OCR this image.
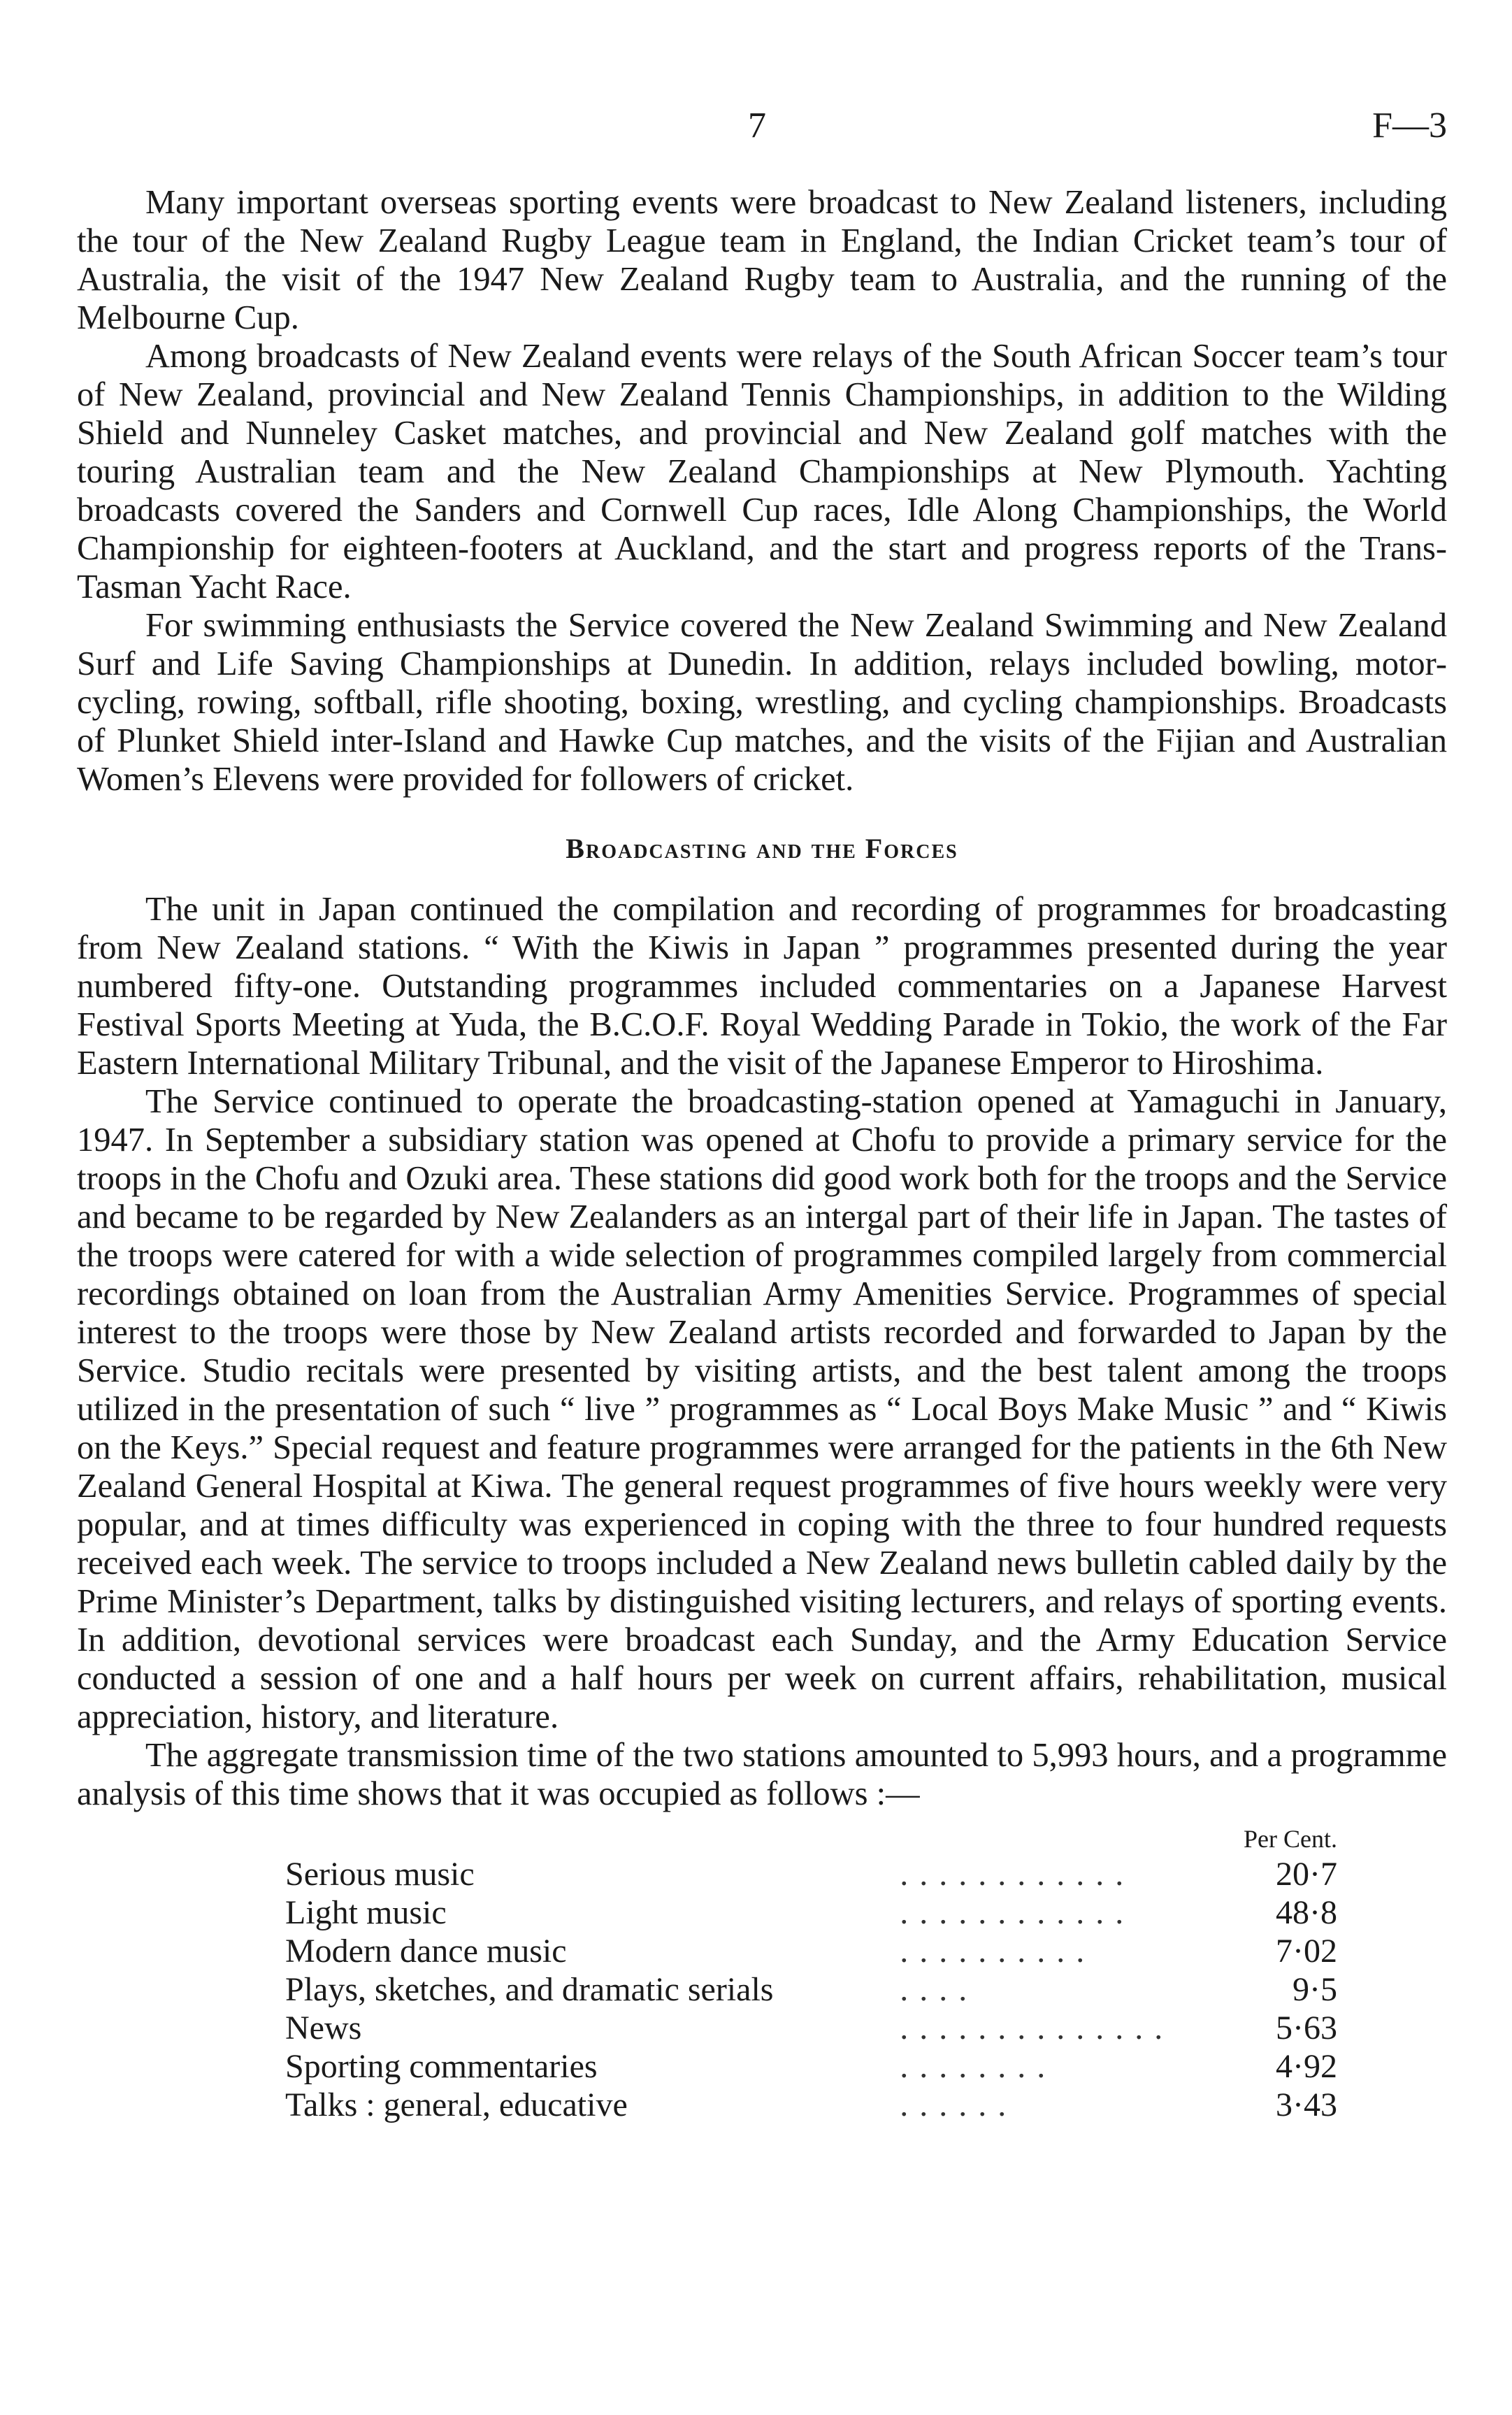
7	F—3

Many important overseas sporting events were broadcast to New Zealand listeners, including the tour of the New Zealand Rugby League team in England, the Indian Cricket team’s tour of Australia, the visit of the 1947 New Zealand Rugby team to Australia, and the running of the Melbourne Cup.

Among broadcasts of New Zealand events were relays of the South African Soccer team’s tour of New Zealand, provincial and New Zealand Tennis Championships, in addition to the Wilding Shield and Nunneley Casket matches, and provincial and New Zealand golf matches with the touring Australian team and the New Zealand Championships at New Plymouth. Yachting broadcasts covered the Sanders and Cornwell Cup races, Idle Along Championships, the World Championship for eighteen-footers at Auckland, and the start and progress reports of the Trans-Tasman Yacht Race.

For swimming enthusiasts the Service covered the New Zealand Swimming and New Zealand Surf and Life Saving Championships at Dunedin. In addition, relays included bowling, motor-cycling, rowing, softball, rifle shooting, boxing, wrestling, and cycling championships. Broadcasts of Plunket Shield inter-Island and Hawke Cup matches, and the visits of the Fijian and Australian Women’s Elevens were provided for followers of cricket.

Broadcasting and the Forces

The unit in Japan continued the compilation and recording of programmes for broadcasting from New Zealand stations. “ With the Kiwis in Japan ” programmes presented during the year numbered fifty-one. Outstanding programmes included commentaries on a Japanese Harvest Festival Sports Meeting at Yuda, the B.C.O.F. Royal Wedding Parade in Tokio, the work of the Far Eastern International Military Tribunal, and the visit of the Japanese Emperor to Hiroshima.

The Service continued to operate the broadcasting-station opened at Yamaguchi in January, 1947. In September a subsidiary station was opened at Chofu to provide a primary service for the troops in the Chofu and Ozuki area. These stations did good work both for the troops and the Service and became to be regarded by New Zealanders as an intergal part of their life in Japan. The tastes of the troops were catered for with a wide selection of programmes compiled largely from commercial recordings obtained on loan from the Australian Army Amenities Service. Programmes of special interest to the troops were those by New Zealand artists recorded and forwarded to Japan by the Service. Studio recitals were presented by visiting artists, and the best talent among the troops utilized in the presentation of such “ live ” programmes as “ Local Boys Make Music ” and “ Kiwis on the Keys.” Special request and feature programmes were arranged for the patients in the 6th New Zealand General Hospital at Kiwa. The general request programmes of five hours weekly were very popular, and at times difficulty was experienced in coping with the three to four hundred requests received each week. The service to troops included a New Zealand news bulletin cabled daily by the Prime Minister’s Department, talks by distinguished visiting lecturers, and relays of sporting events. In addition, devotional services were broadcast each Sunday, and the Army Education Service conducted a session of one and a half hours per week on current affairs, rehabilitation, musical appreciation, history, and literature.

The aggregate transmission time of the two stations amounted to 5,993 hours, and a programme analysis of this time shows that it was occupied as follows :—

		Per Cent.
Serious music	. . . . . . . . . . . .	20·7
Light music	. . . . . . . . . . . .	48·8
Modern dance music	. . . . . . . . . .	7·02
Plays, sketches, and dramatic serials	. . . .	9·5
News	. . . . . . . . . . . . . .	5·63
Sporting commentaries	. . . . . . . .	4·92
Talks : general, educative	. . . . . .	3·43
